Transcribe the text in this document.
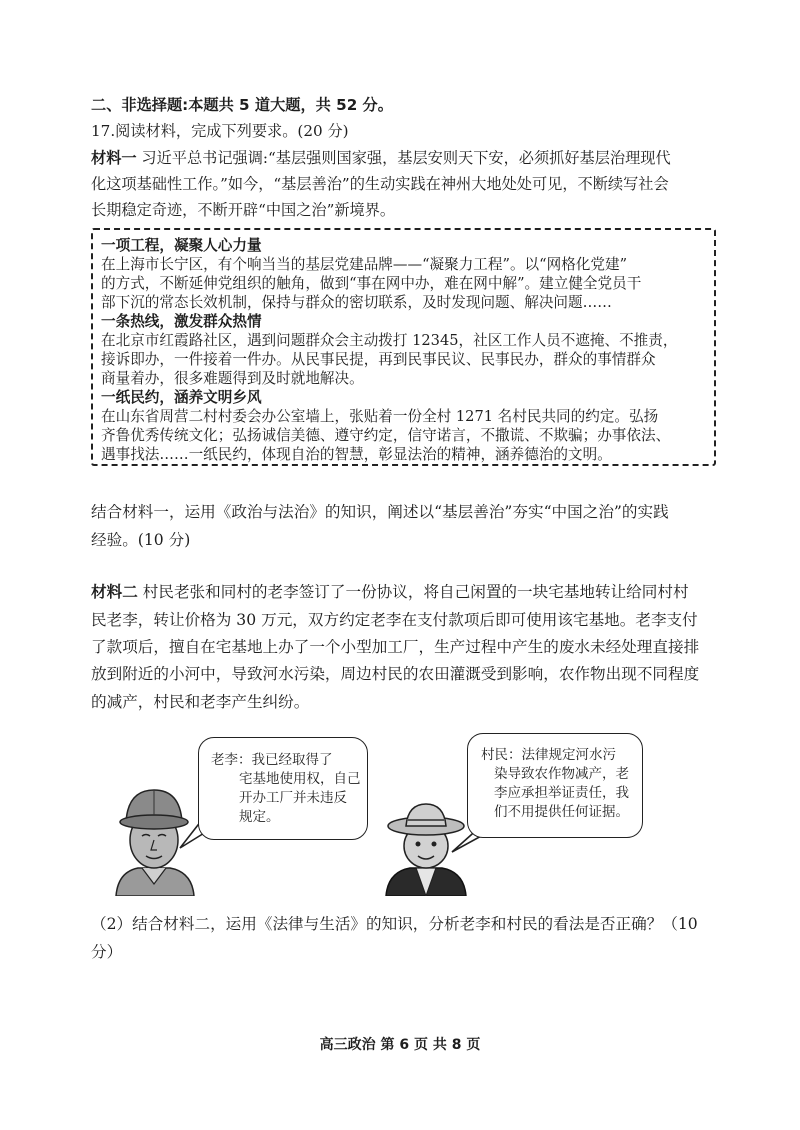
二、非选择题:本题共 5 道大题，共 52 分。
17.阅读材料，完成下列要求。(20 分)
材料一 习近平总书记强调:“基层强则国家强，基层安则天下安，必须抓好基层治理现代
化这项基础性工作。”如今，“基层善治”的生动实践在神州大地处处可见，不断续写社会
长期稳定奇迹，不断开辟“中国之治”新境界。
一项工程，凝聚人心力量
在上海市长宁区，有个响当当的基层党建品牌——“凝聚力工程”。以“网格化党建”
的方式，不断延伸党组织的触角，做到“事在网中办，难在网中解”。建立健全党员干
部下沉的常态长效机制，保持与群众的密切联系，及时发现问题、解决问题……
一条热线，激发群众热情
在北京市红霞路社区，遇到问题群众会主动拨打 12345，社区工作人员不遮掩、不推责，
接诉即办，一件接着一件办。从民事民提，再到民事民议、民事民办，群众的事情群众
商量着办，很多难题得到及时就地解决。
一纸民约，涵养文明乡风
在山东省周营二村村委会办公室墙上，张贴着一份全村 1271 名村民共同的约定。弘扬
齐鲁优秀传统文化；弘扬诚信美德、遵守约定，信守诺言，不撒谎、不欺骗；办事依法、
遇事找法……一纸民约，体现自治的智慧，彰显法治的精神，涵养德治的文明。
结合材料一，运用《政治与法治》的知识，阐述以“基层善治”夯实“中国之治”的实践
经验。(10 分)
材料二 村民老张和同村的老李签订了一份协议，将自己闲置的一块宅基地转让给同村村
民老李，转让价格为 30 万元，双方约定老李在支付款项后即可使用该宅基地。老李支付
了款项后，擅自在宅基地上办了一个小型加工厂，生产过程中产生的废水未经处理直接排
放到附近的小河中，导致河水污染，周边村民的农田灌溉受到影响，农作物出现不同程度
的减产，村民和老李产生纠纷。
老李：我已经取得了
宅基地使用权，自己
开办工厂并未违反
规定。
村民：法律规定河水污
染导致农作物减产，老
李应承担举证责任，我
们不用提供任何证据。
（2）结合材料二，运用《法律与生活》的知识，分析老李和村民的看法是否正确？（10
分）
高三政治 第 6 页 共 8 页
